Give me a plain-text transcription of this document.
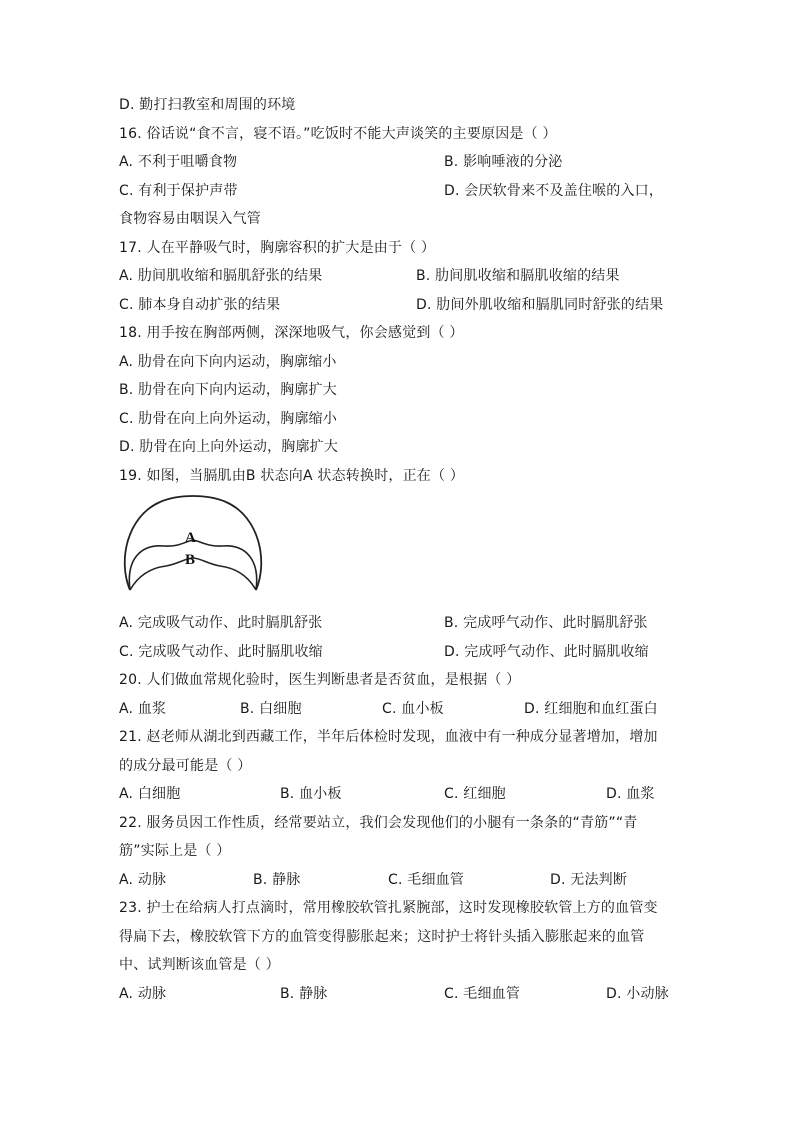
D. 勤打扫教室和周围的环境
16. 俗话说“食不言，寝不语。”吃饭时不能大声谈笑的主要原因是（ ）
A. 不利于咀嚼食物	B. 影响唾液的分泌
C. 有利于保护声带	D. 会厌软骨来不及盖住喉的入口，
食物容易由咽误入气管
17. 人在平静吸气时，胸廓容积的扩大是由于（ ）
A. 肋间肌收缩和膈肌舒张的结果	B. 肋间肌收缩和膈肌收缩的结果
C. 肺本身自动扩张的结果	D. 肋间外肌收缩和膈肌同时舒张的结果
18. 用手按在胸部两侧，深深地吸气，你会感觉到（ ）
A. 肋骨在向下向内运动，胸廓缩小
B. 肋骨在向下向内运动，胸廓扩大
C. 肋骨在向上向外运动，胸廓缩小
D. 肋骨在向上向外运动，胸廓扩大
19. 如图，当膈肌由B 状态向A 状态转换时，正在（ ）
A
B
A. 完成吸气动作、此时膈肌舒张	B. 完成呼气动作、此时膈肌舒张
C. 完成吸气动作、此时膈肌收缩	D. 完成呼气动作、此时膈肌收缩
20. 人们做血常规化验时，医生判断患者是否贫血，是根据（ ）
A. 血浆	B. 白细胞	C. 血小板	D. 红细胞和血红蛋白
21. 赵老师从湖北到西藏工作，半年后体检时发现，血液中有一种成分显著增加，增加
的成分最可能是（ ）
A. 白细胞	B. 血小板	C. 红细胞	D. 血浆
22. 服务员因工作性质，经常要站立，我们会发现他们的小腿有一条条的“青筋”“青
筋”实际上是（ ）
A. 动脉	B. 静脉	C. 毛细血管	D. 无法判断
23. 护士在给病人打点滴时，常用橡胶软管扎紧腕部，这时发现橡胶软管上方的血管变
得扁下去，橡胶软管下方的血管变得膨胀起来；这时护士将针头插入膨胀起来的血管
中、试判断该血管是（ ）
A. 动脉	B. 静脉	C. 毛细血管	D. 小动脉
